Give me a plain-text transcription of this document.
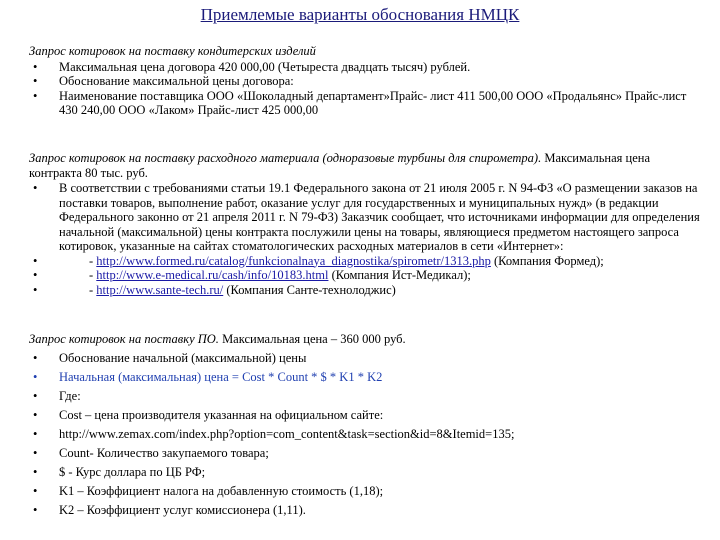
Приемлемые варианты обоснования НМЦК
Запрос котировок на поставку кондитерских изделий
• Максимальная цена договора 420 000,00 (Четыреста двадцать тысяч) рублей.
• Обоснование максимальной цены договора:
• Наименование поставщика ООО «Шоколадный департамент»Прайс- лист 411 500,00 ООО «Продальянс» Прайс-лист 430 240,00 ООО «Лаком» Прайс-лист 425 000,00
Запрос котировок на поставку расходного материала (одноразовые турбины для спирометра). Максимальная цена контракта 80 тыс. руб.
• В соответствии с требованиями статьи 19.1 Федерального закона от 21 июля 2005 г. N 94-ФЗ «О размещении заказов на поставки товаров, выполнение работ, оказание услуг для государственных и муниципальных нужд» (в редакции Федерального законно от 21 апреля 2011 г. N 79-ФЗ) Заказчик сообщает, что источниками информации для определения начальной (максимальной) цены контракта послужили цены на товары, являющиеся предметом настоящего запроса котировок, указанные на сайтах стоматологических расходных материалов в сети «Интернет»:
• - http://www.formed.ru/catalog/funkcionalnaya_diagnostika/spirometr/1313.php (Компания Формед);
• - http://www.e-medical.ru/cash/info/10183.html (Компания Ист-Медикал);
• - http://www.sante-tech.ru/ (Компания Санте-технолоджис)
Запрос котировок на поставку ПО. Максимальная цена – 360 000 руб.
• Обоснование начальной (максимальной) цены
• Начальная (максимальная) цена = Cost * Count * $ * K1 * K2
• Где:
• Cost – цена производителя указанная на официальном сайте:
• http://www.zemax.com/index.php?option=com_content&task=section&id=8&Itemid=135;
• Count- Количество закупаемого товара;
• $ - Курс доллара по ЦБ РФ;
• K1 – Коэффициент налога на добавленную стоимость (1,18);
• K2 – Коэффициент услуг комиссионера (1,11).
